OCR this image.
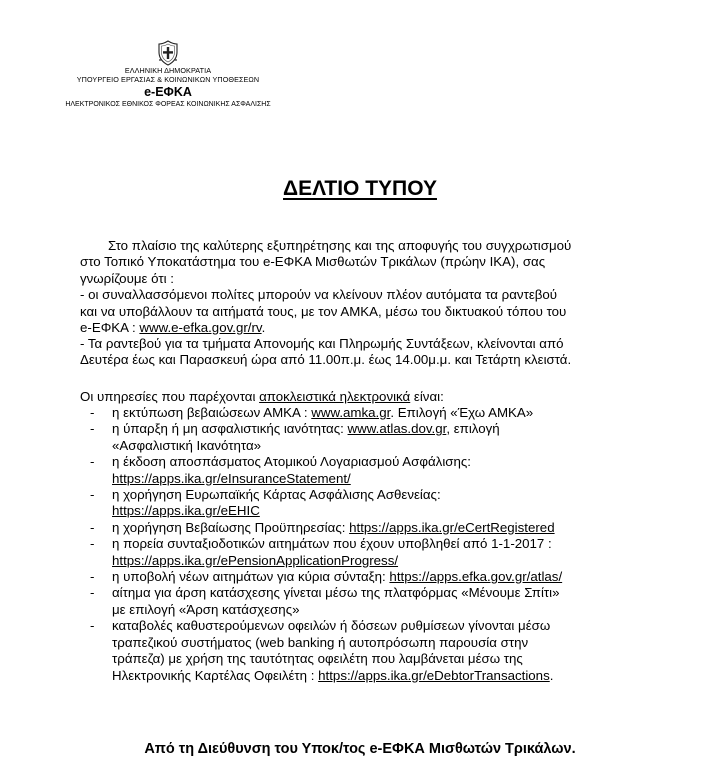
ΕΛΛΗΝΙΚΗ ΔΗΜΟΚΡΑΤΙΑ
ΥΠΟΥΡΓΕΙΟ ΕΡΓΑΣΙΑΣ & ΚΟΙΝΩΝΙΚΩΝ ΥΠΟΘΕΣΕΩΝ
e-ΕΦΚΑ
ΗΛΕΚΤΡΟΝΙΚΟΣ ΕΘΝΙΚΟΣ ΦΟΡΕΑΣ ΚΟΙΝΩΝΙΚΗΣ ΑΣΦΑΛΙΣΗΣ
ΔΕΛΤΙΟ ΤΥΠΟΥ
Στο πλαίσιο της καλύτερης εξυπηρέτησης και της αποφυγής του συγχρωτισμού
στο Τοπικό Υποκατάστημα του e-ΕΦΚΑ Μισθωτών Τρικάλων (πρώην ΙΚΑ), σας
γνωρίζουμε ότι :
- οι συναλλασσόμενοι πολίτες μπορούν να κλείνουν πλέον αυτόματα τα ραντεβού
και να υποβάλλουν τα αιτήματά τους, με τον ΑΜΚΑ, μέσω του δικτυακού τόπου του
e-ΕΦΚΑ : www.e-efka.gov.gr/rv.
- Τα ραντεβού για τα τμήματα Απονομής και Πληρωμής Συντάξεων, κλείνονται από
Δευτέρα έως και Παρασκευή ώρα από 11.00π.μ. έως 14.00μ.μ. και Τετάρτη κλειστά.
Οι υπηρεσίες που παρέχονται αποκλειστικά ηλεκτρονικά είναι:
- η εκτύπωση βεβαιώσεων ΑΜΚΑ : www.amka.gr. Επιλογή «Έχω ΑΜΚΑ»
- η ύπαρξη ή μη ασφαλιστικής ιανότητας: www.atlas.dov.gr, επιλογή
«Ασφαλιστική Ικανότητα»
- η έκδοση αποσπάσματος Ατομικού Λογαριασμού Ασφάλισης:
https://apps.ika.gr/eInsuranceStatement/
- η χορήγηση Ευρωπαϊκής Κάρτας Ασφάλισης Ασθενείας:
https://apps.ika.gr/eEHIC
- η χορήγηση Βεβαίωσης Προϋπηρεσίας: https://apps.ika.gr/eCertRegistered
- η πορεία συνταξιοδοτικών αιτημάτων που έχουν υποβληθεί από 1-1-2017 :
https://apps.ika.gr/ePensionApplicationProgress/
- η υποβολή νέων αιτημάτων για κύρια σύνταξη: https://apps.efka.gov.gr/atlas/
- αίτημα για άρση κατάσχεσης γίνεται μέσω της πλατφόρμας «Μένουμε Σπίτι»
με επιλογή «Άρση κατάσχεσης»
- καταβολές καθυστερούμενων οφειλών ή δόσεων ρυθμίσεων γίνονται μέσω
τραπεζικού συστήματος (web banking ή αυτοπρόσωπη παρουσία στην
τράπεζα) με χρήση της ταυτότητας οφειλέτη που λαμβάνεται μέσω της
Ηλεκτρονικής Καρτέλας Οφειλέτη : https://apps.ika.gr/eDebtorTransactions.
Από τη Διεύθυνση του Υποκ/τος e-ΕΦΚΑ Μισθωτών Τρικάλων.
